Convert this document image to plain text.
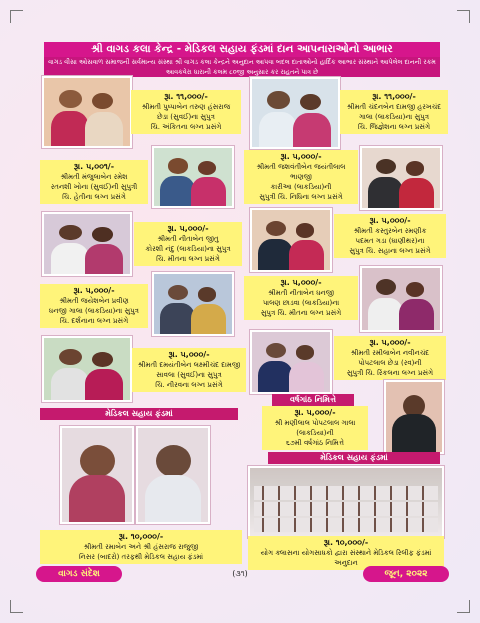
શ્રી વાગડ કલા કેન્દ્ર - મેડિકલ સહાય ફંડમાં દાન આપનારાઓનો આભાર
વાગડ વીસા ઓસવાળ સમાજની સર્વમાન્ય સંસ્થા શ્રી વાગડ કલા કેન્દ્રને અનુદાન આપવા બદલ દાતાઓનો હાર્દિક આભાર સંસ્થાને આપેલેલ દાનની રકમ આવકવેરા ધારાની કલમ ૮૦જી અનુસાર કર રાહતને પાત્ર છે
રૂા. ૧૧,૦૦૦/-
શ્રીમતી પુષ્પાબેન તરુણ હંસરાજ
છેડા (સુવઈ)ના સુપુત્ર
ચિ. અંકિતના લગ્ન પ્રસંગે
રૂા. ૧૧,૦૦૦/-
શ્રીમતી ચંદનબેન દામજી હરખચંદ
ગાલા (લાકડિયા)ના સુપુત્ર
ચિ. જિજ્ઞેશના લગ્ન પ્રસંગે
રૂા. ૫,૦૦૧/-
શ્રીમતી મંજુલાબેન રમેશ
રતનશી ખોના (સુવઈ)ની સુપુત્રી
ચિ. હેતીના લગ્ન પ્રસંગે
રૂા. ૫,૦૦૦/-
શ્રીમતી જશવંતીબેન જયંતીલાલ ભાણજી
કારીઆ (લાકડિયા)ની
સુપુત્રી ચિ. નિધિના લગ્ન પ્રસંગે
રૂા. ૫,૦૦૦/-
શ્રીમતી નીતાબેન જીતુ
કોરશી નંદુ (લાકડિયા)ના સુપુત્ર
ચિ. મીતના લગ્ન પ્રસંગે
રૂા. ૫,૦૦૦/-
શ્રીમતી કસ્તુરબેન રમણીક
પદમત ગડા (ઘાણીથર)ના
સુપુત્ર ચિ. સહાના લગ્ન પ્રસંગે
રૂા. ૫,૦૦૦/-
શ્રીમતી જયેશબેન પ્રવીણ
ધનજી ગાલા (લાકડિયા)ના સુપુત્ર
ચિ. દર્શનાના લગ્ન પ્રસંગે
રૂા. ૫,૦૦૦/-
શ્રીમતી નીતાબેન ધનજી
પાલણ છાડવા (લાકડિયા)ના
સુપુત્ર ચિ. મીતના લગ્ન પ્રસંગે
રૂા. ૫,૦૦૦/-
શ્રીમતી દમયંતીબેન લક્ષ્મીચંદ દામજી
સાવલા (સુવઈ)ના સુપુત્ર
ચિ. નીરવના લગ્ન પ્રસંગે
રૂા. ૫,૦૦૦/-
શ્રીમતી રમીલાબેન નવીનચંદ
પોપટલાલ છેડા (રવ)ની
સુપુત્રી ચિ. રિંકલના લગ્ન પ્રસંગે
વર્ષગાંઠ નિમિત્તે
રૂા. ૫,૦૦૦/-
શ્રી મણીલાલ પોપટલાલ ગાલા
(લાકડિયા)ની
૬૭મી વર્ષગાંઠ નિમિત્તે
મેડિકલ સહાય ફંડમાં
રૂા. ૧૦,૦૦૦/-
શ્રીમતી રમાબેન અને શ્રી હંસરાજ રાજુજી
નિસર (બાદરો) તરફથી મેડિકલ સહાય ફંડમાં
મેડિકલ સહાય ફંડમાં
રૂા. ૧૦,૦૦૦/-
યોગ ક્લાસના યોગસાધકો દ્વારા સંસ્થાને મેડિકલ રિલીફ ફંડમાં અનુદાન
વાગડ સંદેશ	(૩૧)	જૂન, ૨૦૨૨
